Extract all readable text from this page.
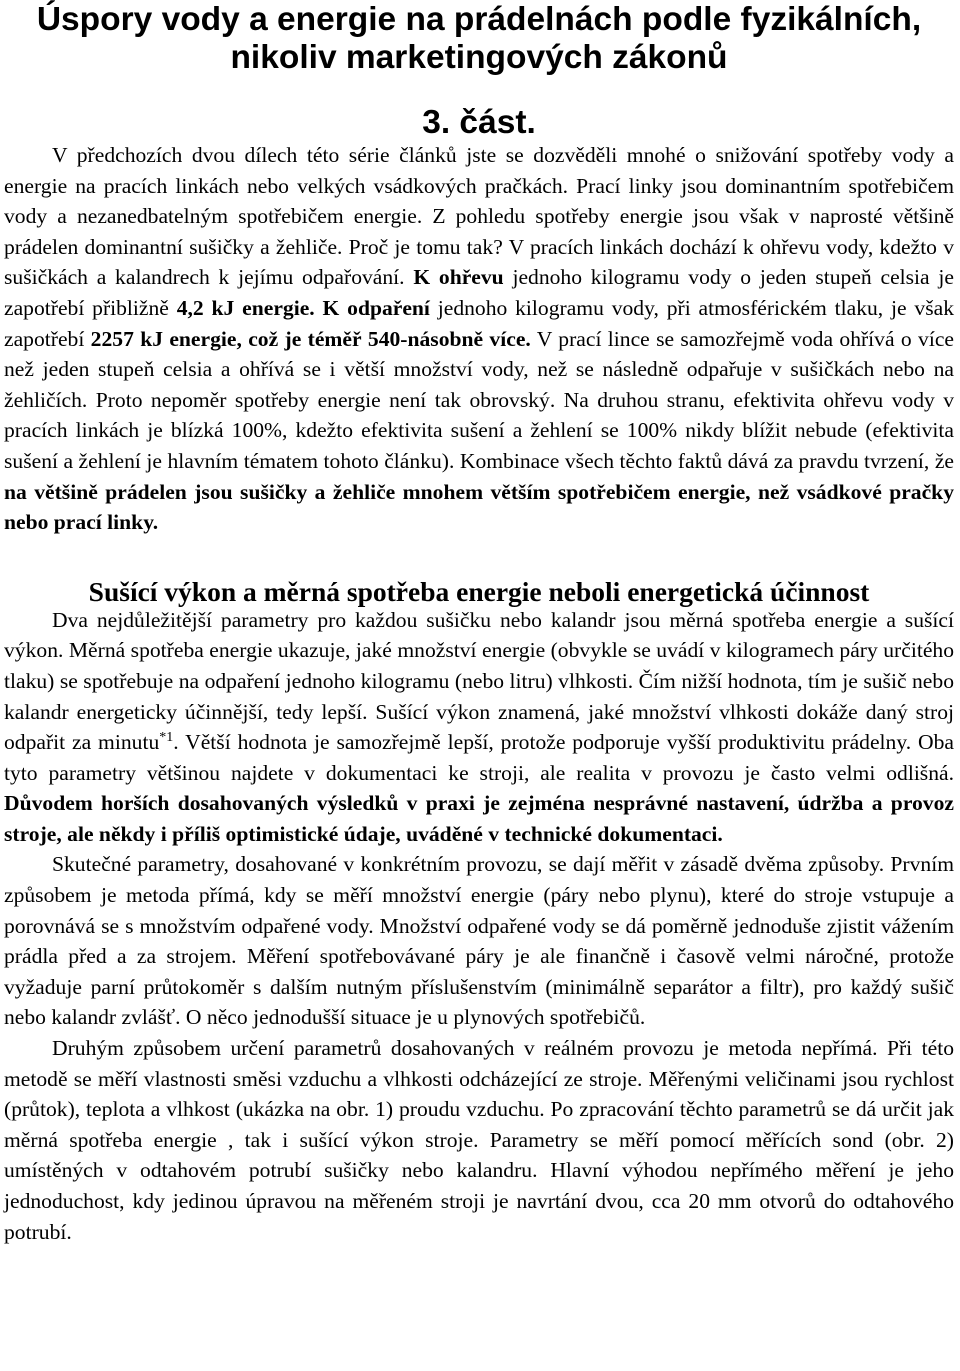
Úspory vody a energie na prádelnách podle fyzikálních,
nikoliv marketingových zákonů
3. část.

V předchozích dvou dílech této série článků jste se dozvěděli mnohé o snižování spotřeby vody a energie na pracích linkách nebo velkých vsádkových pračkách. Prací linky jsou dominantním spotřebičem vody a nezanedbatelným spotřebičem energie. Z pohledu spotřeby energie jsou však v naprosté většině prádelen dominantní sušičky a žehliče. Proč je tomu tak? V pracích linkách dochází k ohřevu vody, kdežto v sušičkách a kalandrech k jejímu odpařování. K ohřevu jednoho kilogramu vody o jeden stupeň celsia je zapotřebí přibližně 4,2 kJ energie. K odpaření jednoho kilogramu vody, při atmosférickém tlaku, je však zapotřebí 2257 kJ energie, což je téměř 540-násobně více. V prací lince se samozřejmě voda ohřívá o více než jeden stupeň celsia a ohřívá se i větší množství vody, než se následně odpařuje v sušičkách nebo na žehličích. Proto nepoměr spotřeby energie není tak obrovský. Na druhou stranu, efektivita ohřevu vody v pracích linkách je blízká 100%, kdežto efektivita sušení a žehlení se 100% nikdy blížit nebude (efektivita sušení a žehlení je hlavním tématem tohoto článku). Kombinace všech těchto faktů dává za pravdu tvrzení, že na většině prádelen jsou sušičky a žehliče mnohem větším spotřebičem energie, než vsádkové pračky nebo prací linky.

Sušící výkon a měrná spotřeba energie neboli energetická účinnost

Dva nejdůležitější parametry pro každou sušičku nebo kalandr jsou měrná spotřeba energie a sušící výkon. Měrná spotřeba energie ukazuje, jaké množství energie (obvykle se uvádí v kilogramech páry určitého tlaku) se spotřebuje na odpaření jednoho kilogramu (nebo litru) vlhkosti. Čím nižší hodnota, tím je sušič nebo kalandr energeticky účinnější, tedy lepší. Sušící výkon znamená, jaké množství vlhkosti dokáže daný stroj odpařit za minutu$^{*1}$. Větší hodnota je samozřejmě lepší, protože podporuje vyšší produktivitu prádelny. Oba tyto parametry většinou najdete v dokumentaci ke stroji, ale realita v provozu je často velmi odlišná. Důvodem horších dosahovaných výsledků v praxi je zejména nesprávné nastavení, údržba a provoz stroje, ale někdy i příliš optimistické údaje, uváděné v technické dokumentaci.

Skutečné parametry, dosahované v konkrétním provozu, se dají měřit v zásadě dvěma způsoby. Prvním způsobem je metoda přímá, kdy se měří množství energie (páry nebo plynu), které do stroje vstupuje a porovnává se s množstvím odpařené vody. Množství odpařené vody se dá poměrně jednoduše zjistit vážením prádla před a za strojem. Měření spotřebovávané páry je ale finančně i časově velmi náročné, protože vyžaduje parní průtokoměr s dalším nutným příslušenstvím (minimálně separátor a filtr), pro každý sušič nebo kalandr zvlášť. O něco jednodušší situace je u plynových spotřebičů.

Druhým způsobem určení parametrů dosahovaných v reálném provozu je metoda nepřímá. Při této metodě se měří vlastnosti směsi vzduchu a vlhkosti odcházející ze stroje. Měřenými veličinami jsou rychlost (průtok), teplota a vlhkost (ukázka na obr. 1) proudu vzduchu. Po zpracování těchto parametrů se dá určit jak měrná spotřeba energie , tak i sušící výkon stroje. Parametry se měří pomocí měřících sond (obr. 2) umístěných v odtahovém potrubí sušičky nebo kalandru. Hlavní výhodou nepřímého měření je jeho jednoduchost, kdy jedinou úpravou na měřeném stroji je navrtání dvou, cca 20 mm otvorů do odtahového potrubí.
